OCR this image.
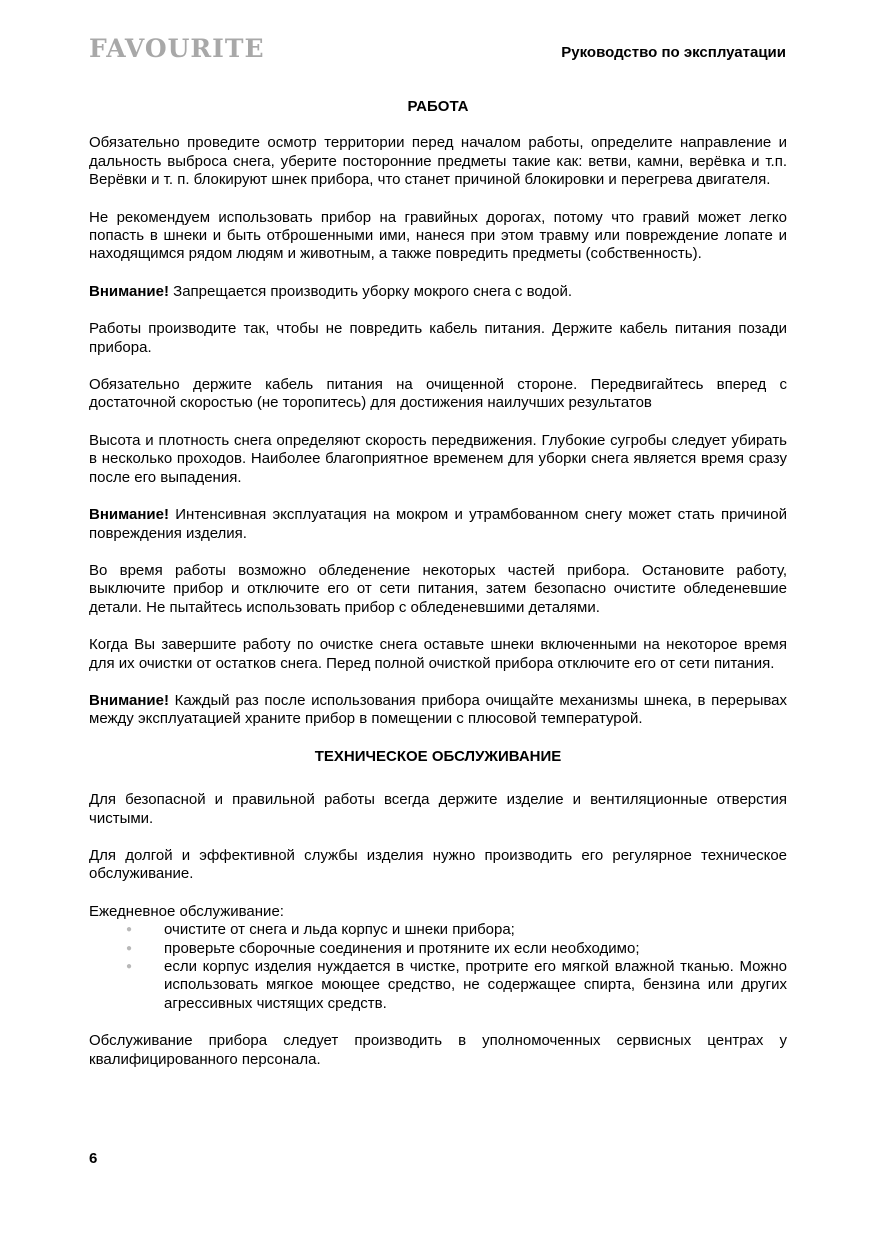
FAVOURITE	Руководство по эксплуатации
РАБОТА

Обязательно проведите осмотр территории перед началом работы, определите направление и дальность выброса снега, уберите посторонние предметы такие как: ветви, камни, верёвка и т.п. Верёвки и т. п. блокируют шнек прибора, что станет причиной блокировки и перегрева двигателя.

Не рекомендуем использовать прибор на гравийных дорогах, потому что гравий может легко попасть в шнеки и быть отброшенными ими, нанеся при этом травму или повреждение лопате и находящимся рядом людям и животным, а также повредить предметы (собственность).

Внимание! Запрещается производить уборку мокрого снега с водой.

Работы производите так, чтобы не повредить кабель питания. Держите кабель питания позади прибора.

Обязательно держите кабель питания на очищенной стороне. Передвигайтесь вперед с достаточной скоростью (не торопитесь) для достижения наилучших результатов

Высота и плотность снега определяют скорость передвижения. Глубокие сугробы следует убирать в несколько проходов. Наиболее благоприятное временем для уборки снега является время сразу после его выпадения.

Внимание! Интенсивная эксплуатация на мокром и утрамбованном снегу может стать причиной повреждения изделия.

Во время работы возможно обледенение некоторых частей прибора. Остановите работу, выключите прибор и отключите его от сети питания, затем безопасно очистите обледеневшие детали. Не пытайтесь использовать прибор с обледеневшими деталями.

Когда Вы завершите работу по очистке снега оставьте шнеки включенными на некоторое время для их очистки от остатков снега. Перед полной очисткой прибора отключите его от сети питания.

Внимание! Каждый раз после использования прибора очищайте механизмы шнека, в перерывах между эксплуатацией храните прибор в помещении с плюсовой температурой.

ТЕХНИЧЕСКОЕ ОБСЛУЖИВАНИЕ

Для безопасной и правильной работы всегда держите изделие и вентиляционные отверстия чистыми.

Для долгой и эффективной службы изделия нужно производить его регулярное техническое обслуживание.

Ежедневное обслуживание:

● очистите от снега и льда корпус и шнеки прибора;
● проверьте сборочные соединения и протяните их если необходимо;
● если корпус изделия нуждается в чистке, протрите его мягкой влажной тканью. Можно использовать мягкое моющее средство, не содержащее спирта, бензина или других агрессивных чистящих средств.

Обслуживание прибора следует производить в уполномоченных сервисных центрах у квалифицированного персонала.

6
